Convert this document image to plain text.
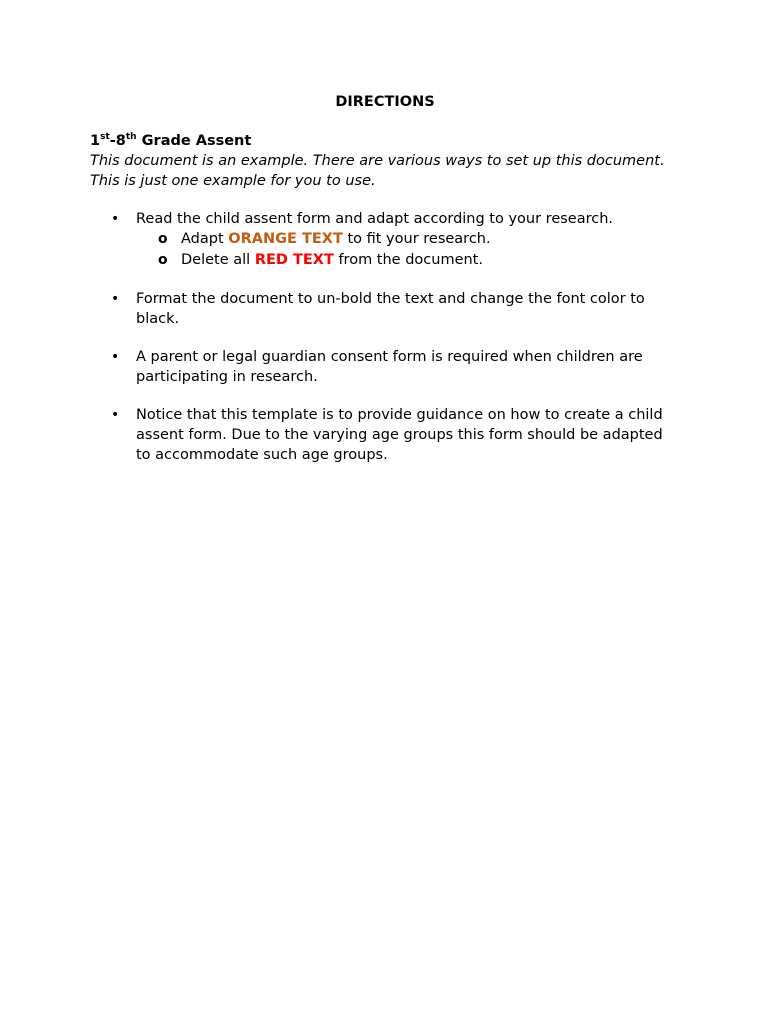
DIRECTIONS

1st-8th Grade Assent

This document is an example. There are various ways to set up this document. This is just one example for you to use.

• Read the child assent form and adapt according to your research.
o Adapt ORANGE TEXT to fit your research.
o Delete all RED TEXT from the document.
• Format the document to un-bold the text and change the font color to black.
• A parent or legal guardian consent form is required when children are participating in research.
• Notice that this template is to provide guidance on how to create a child assent form. Due to the varying age groups this form should be adapted to accommodate such age groups.
